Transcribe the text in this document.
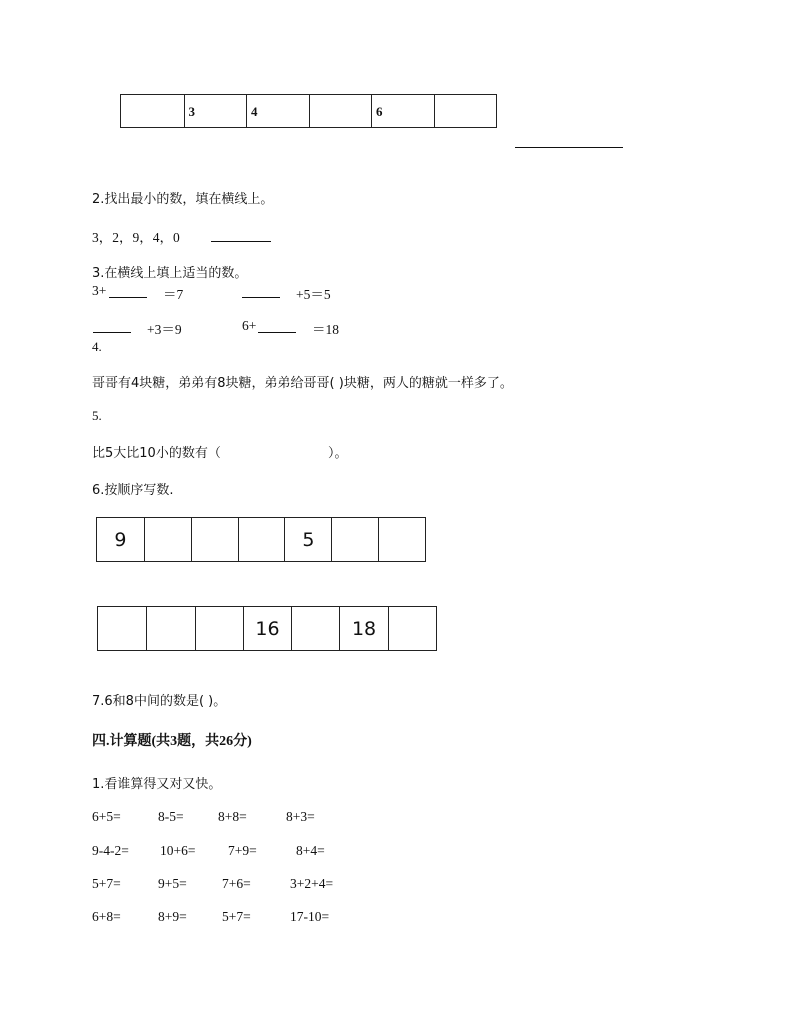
3	4	6
2.找出最小的数，填在横线上。
3，2，9，4，0
3.在横线上填上适当的数。
3+	＝7	+5＝5
+3＝9	6+	＝18
4.
哥哥有4块糖，弟弟有8块糖，弟弟给哥哥( )块糖，两人的糖就一样多了。
5.
比5大比10小的数有（	）。
6.按顺序写数.
9	5
16	18
7.6和8中间的数是( )。
四.计算题(共3题，共26分)
1.看谁算得又对又快。
6+5=	8-5=	8+8=	8+3=
9-4-2= 10+6= 7+9=	8+4=
5+7=	9+5=	7+6=	3+2+4=
6+8=	8+9=	5+7=	17-10=
